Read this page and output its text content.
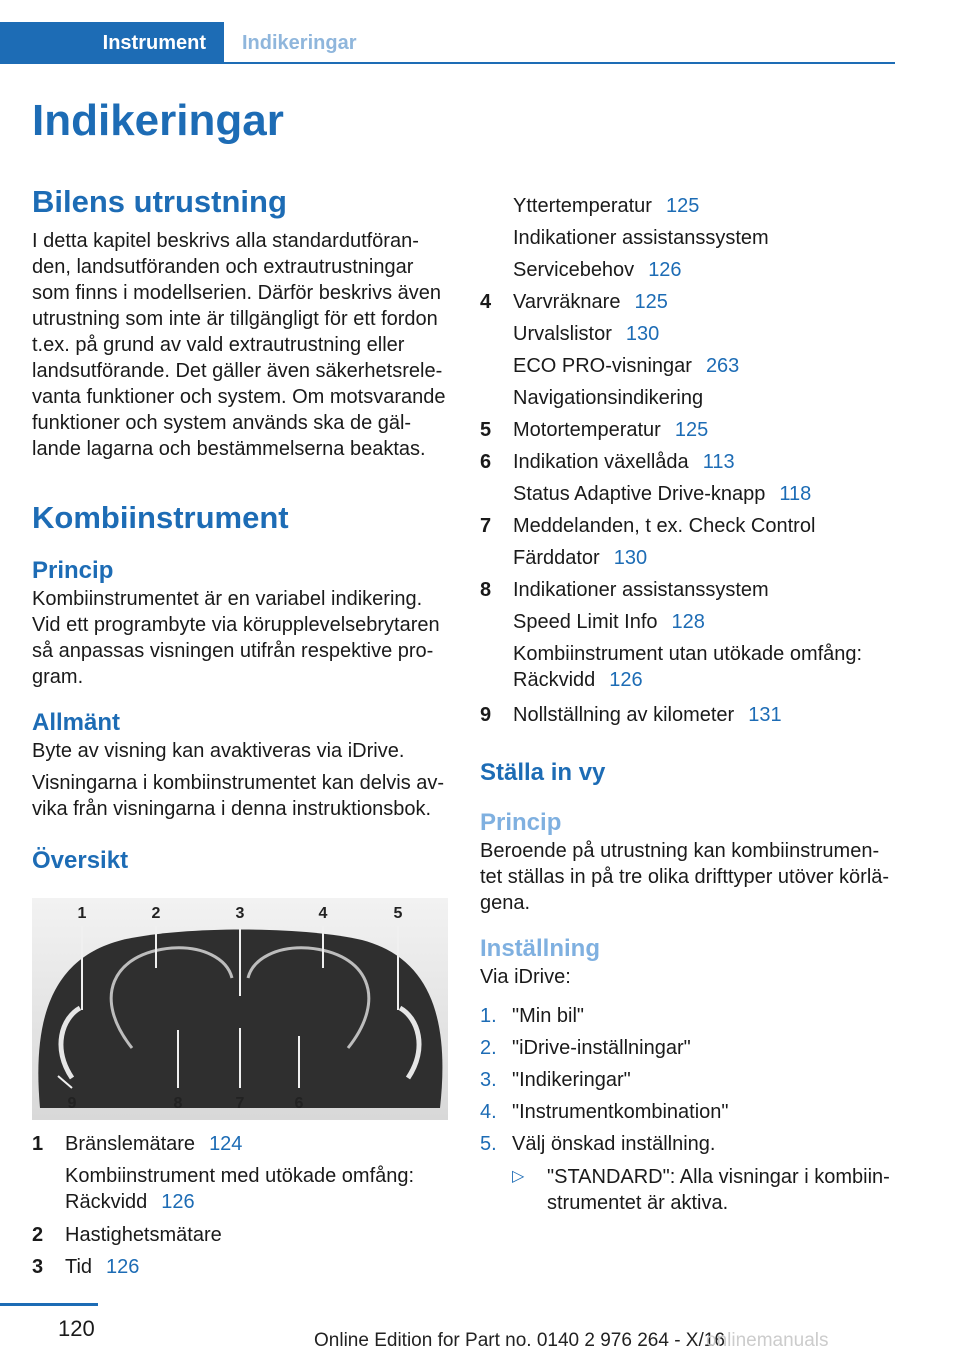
Instrument Indikeringar
Indikeringar
Bilens utrustning

I detta kapitel beskrivs alla standardutföran-den, landsutföranden och extrautrustningar som finns i modellserien. Därför beskrivs även utrustning som inte är tillgängligt för ett fordon t.ex. på grund av vald extrautrustning eller landsutförande. Det gäller även säkerhetsrele-vanta funktioner och system. Om motsvarande funktioner och system används ska de gäl-lande lagarna och bestämmelserna beaktas.

Kombiinstrument
Princip

Kombiinstrumentet är en variabel indikering. Vid ett programbyte via körupplevelsebrytaren så anpassas visningen utifrån respektive pro-gram.

Allmänt

Byte av visning kan avaktiveras via iDrive.

Visningarna i kombiinstrumentet kan delvis av-vika från visningarna i denna instruktionsbok.

Översikt
1	2	3	4	5
9	8	7	6
1 Bränslemätare 124
Kombiinstrument med utökade omfång: Räckvidd 126
2 Hastighetsmätare
3 Tid 126
Yttertemperatur 125
Indikationer assistanssystem
Servicebehov 126
4 Varvräknare 125
Urvalslistor 130
ECO PRO-visningar 263
Navigationsindikering
5 Motortemperatur 125
6 Indikation växellåda 113
Status Adaptive Drive-knapp 118
7 Meddelanden, t ex. Check Control
Färddator 130
8 Indikationer assistanssystem
Speed Limit Info 128
Kombiinstrument utan utökade omfång:
Räckvidd 126
9 Nollställning av kilometer 131
Ställa in vy
Princip

Beroende på utrustning kan kombiinstrumen-tet ställas in på tre olika drifttyper utöver körlä-gena.

Inställning

Via iDrive:

1. "Min bil"
2. "iDrive-inställningar"
3. "Indikeringar"
4. "Instrumentkombination"
5. Välj önskad inställning.
▷ "STANDARD": Alla visningar i kombiin-strumentet är aktiva.
120	Online Edition for Part no. 0140 2 976 264 - X/16
onlinemanuals
